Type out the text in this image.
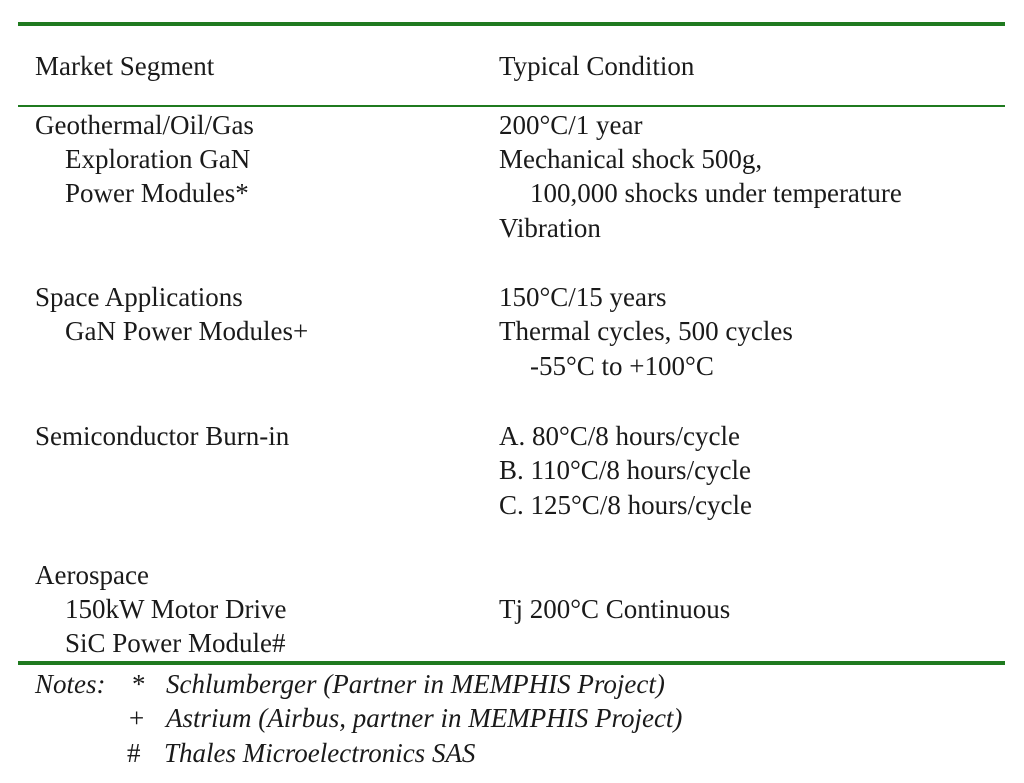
Market Segment	Typical Condition
Geothermal/Oil/Gas
Exploration GaN
Power Modules*
200°C/1 year
Mechanical shock 500g,
100,000 shocks under temperature
Vibration
Space Applications
GaN Power Modules+
150°C/15 years
Thermal cycles, 500 cycles
-55°C to +100°C
Semiconductor Burn-in	A. 80°C/8 hours/cycle
B. 110°C/8 hours/cycle
C. 125°C/8 hours/cycle
Aerospace
150kW Motor Drive
SiC Power Module#
Tj 200°C Continuous
Notes: * Schlumberger (Partner in MEMPHIS Project)
+ Astrium (Airbus, partner in MEMPHIS Project)
# Thales Microelectronics SAS
